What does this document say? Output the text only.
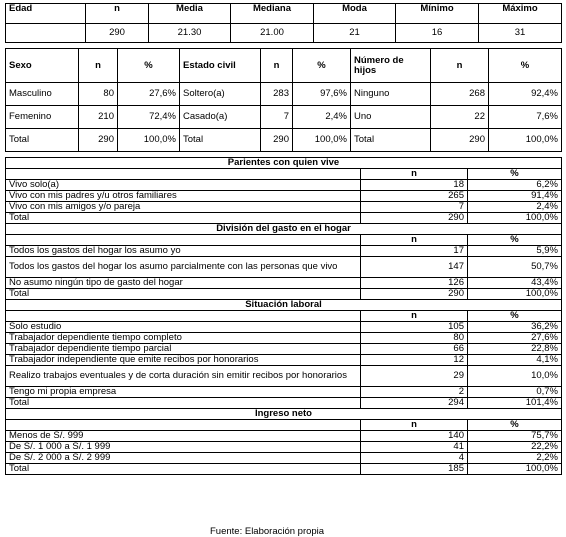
Edad	n	Media	Mediana	Moda	Mínimo	Máximo
	290	21.30	21.00	21	16	31
Sexo	n	%	Estado civil	n	%	Número de hijos	n	%
Masculino	80	27,6%	Soltero(a)	283	97,6%	Ninguno	268	92,4%
Femenino	210	72,4%	Casado(a)	7	2,4%	Uno	22	7,6%
Total	290	100,0%	Total	290	100,0%	Total	290	100,0%
Parientes con quien vive		
	n	%
Vivo solo(a)	18	6,2%
Vivo con mis padres y/u otros familiares	265	91,4%
Vivo con mis amigos y/o pareja	7	2,4%
Total	290	100,0%
División del gasto en el hogar		
	n	%
Todos los gastos del hogar los asumo yo	17	5,9%
Todos los gastos del hogar los asumo parcialmente con las personas que vivo	147	50,7%
No asumo ningún tipo de gasto del hogar	126	43,4%
Total	290	100,0%
Situación laboral		
	n	%
Solo estudio	105	36,2%
Trabajador dependiente tiempo completo	80	27,6%
Trabajador dependiente tiempo parcial	66	22,8%
Trabajador independiente que emite recibos por honorarios	12	4,1%
Realizo trabajos eventuales y de corta duración sin emitir recibos por honorarios	29	10,0%
Tengo mi propia empresa	2	0,7%
Total	294	101,4%
Ingreso neto		
	n	%
Menos de S/. 999	140	75,7%
De S/. 1 000 a S/. 1 999	41	22,2%
De S/. 2 000 a S/. 2 999	4	2,2%
Total	185	100,0%
Fuente: Elaboración propia
